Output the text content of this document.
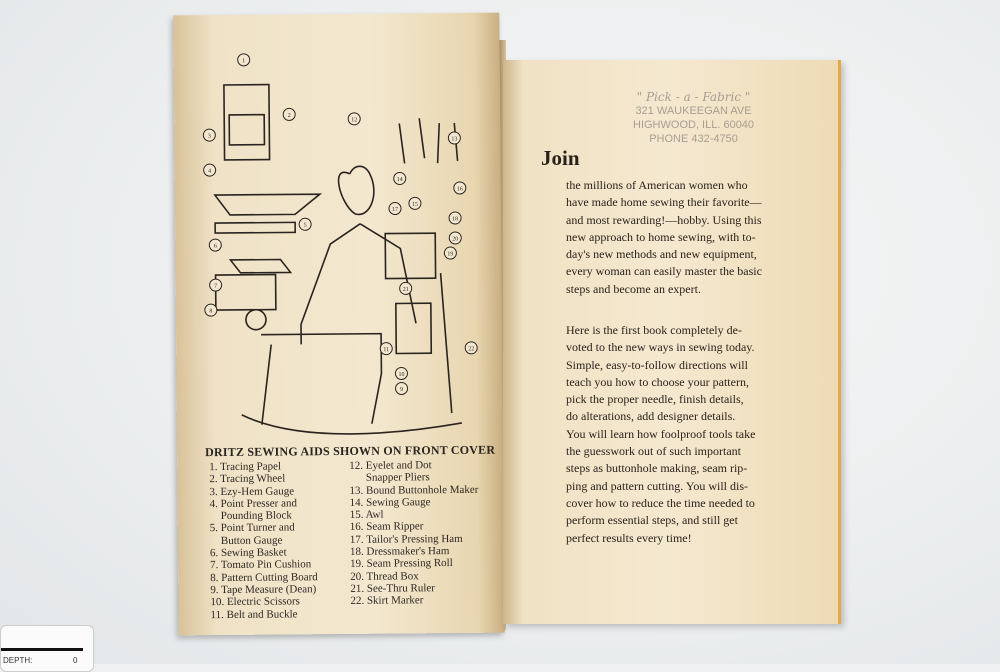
1
2
3
4
5
6
7
8
9
10
11
12
13
14
15
16
17
18
19
20
21
22
DRITZ SEWING AIDS SHOWN ON FRONT COVER
1. Tracing Papel
2. Tracing Wheel
3. Ezy-Hem Gauge
4. Point Presser and
Pounding Block
5. Point Turner and
Button Gauge
6. Sewing Basket
7. Tomato Pin Cushion
8. Pattern Cutting Board
9. Tape Measure (Dean)
10. Electric Scissors
11. Belt and Buckle
12. Eyelet and Dot
Snapper Pliers
13. Bound Buttonhole Maker
14. Sewing Gauge
15. Awl
16. Seam Ripper
17. Tailor's Pressing Ham
18. Dressmaker's Ham
19. Seam Pressing Roll
20. Thread Box
21. See-Thru Ruler
22. Skirt Marker
" Pick - a - Fabric "
321 WAUKEEGAN AVE
HIGHWOOD, ILL. 60040
PHONE 432-4750
Join
the millions of American women who
have made home sewing their favorite—
and most rewarding!—hobby. Using this
new approach to home sewing, with to-
day's new methods and new equipment,
every woman can easily master the basic
steps and become an expert.
Here is the first book completely de-
voted to the new ways in sewing today.
Simple, easy-to-follow directions will
teach you how to choose your pattern,
pick the proper needle, finish details,
do alterations, add designer details.
You will learn how foolproof tools take
the guesswork out of such important
steps as buttonhole making, seam rip-
ping and pattern cutting. You will dis-
cover how to reduce the time needed to
perform essential steps, and still get
perfect results every time!
DEPTH:	0
